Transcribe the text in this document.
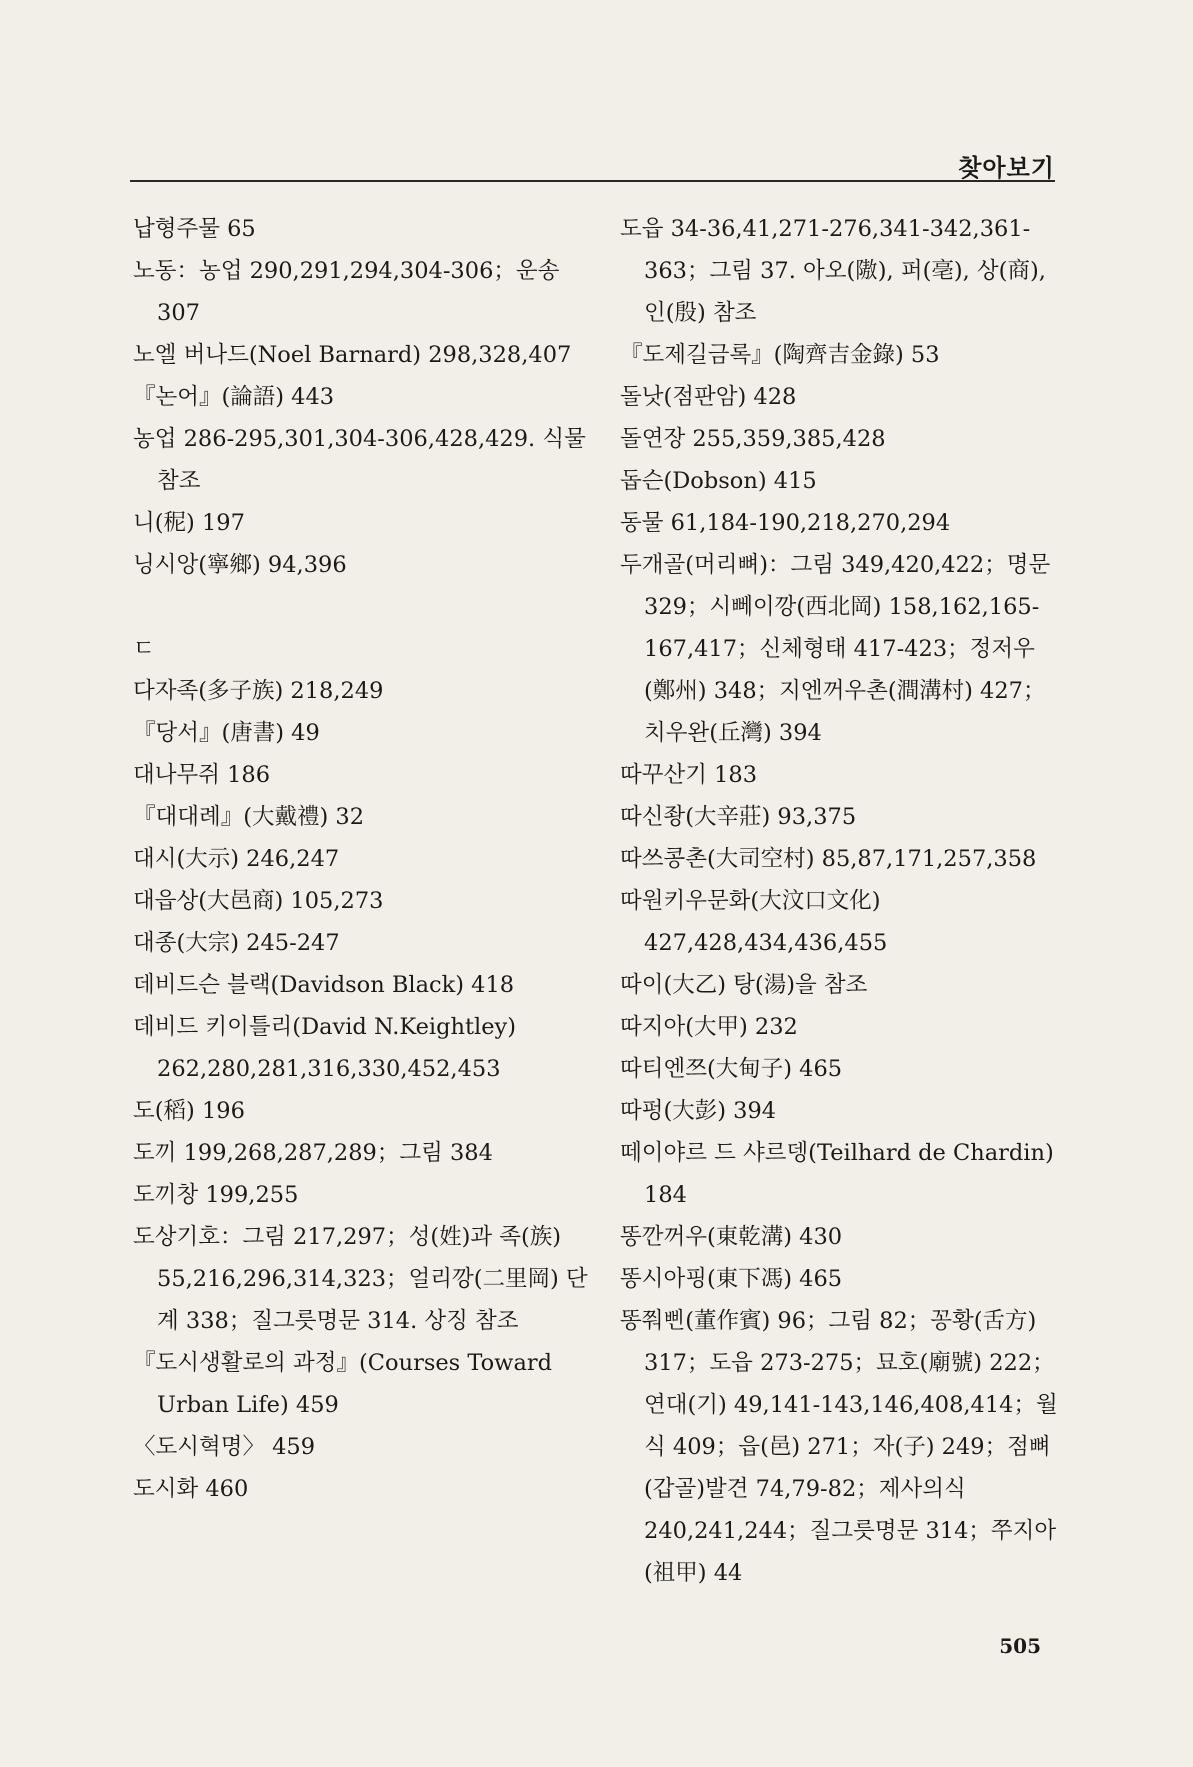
찾아보기
납형주물 65
노동：농업 290,291,294,304-306；운송 307
노엘 버나드(Noel Barnard) 298,328,407
『논어』(論語) 443
농업 286-295,301,304-306,428,429. 식물 참조
니(秜) 197
닝시앙(寧鄉) 94,396
ㄷ
다자족(多子族) 218,249
『당서』(唐書) 49
대나무쥐 186
『대대례』(大戴禮) 32
대시(大示) 246,247
대읍상(大邑商) 105,273
대종(大宗) 245-247
데비드슨 블랙(Davidson Black) 418
데비드 키이틀리(David N.Keightley) 262,280,281,316,330,452,453
도(稻) 196
도끼 199,268,287,289；그림 384
도끼창 199,255
도상기호：그림 217,297；성(姓)과 족(族) 55,216,296,314,323；얼리깡(二里岡) 단계 338；질그릇명문 314. 상징 참조
『도시생활로의 과정』(Courses Toward Urban Life) 459
〈도시혁명〉 459
도시화 460
도읍 34-36,41,271-276,341-342,361-363；그림 37. 아오(隞), 퍼(亳), 상(商), 인(殷) 참조
『도제길금록』(陶齊吉金錄) 53
돌낫(점판암) 428
돌연장 255,359,385,428
돕슨(Dobson) 415
동물 61,184-190,218,270,294
두개골(머리뼈)：그림 349,420,422；명문 329；시뻬이깡(西北岡) 158,162,165-167,417；신체형태 417-423；정저우(鄭州) 348；지엔꺼우촌(澗溝村) 427；치우완(丘灣) 394
따꾸산기 183
따신좡(大辛莊) 93,375
따쓰콩촌(大司空村) 85,87,171,257,358
따원키우문화(大汶口文化) 427,428,434,436,455
따이(大乙) 탕(湯)을 참조
따지아(大甲) 232
따티엔쯔(大甸子) 465
따펑(大彭) 394
떼이야르 드 샤르뎅(Teilhard de Chardin) 184
똥깐꺼우(東乾溝) 430
똥시아핑(東下馮) 465
똥쭤삔(董作賓) 96；그림 82；꽁황(舌方) 317；도읍 273-275；묘호(廟號) 222；연대(기) 49,141-143,146,408,414；월식 409；읍(邑) 271；자(子) 249；점뼈(갑골)발견 74,79-82；제사의식 240,241,244；질그릇명문 314；쭈지아(祖甲) 44
505
